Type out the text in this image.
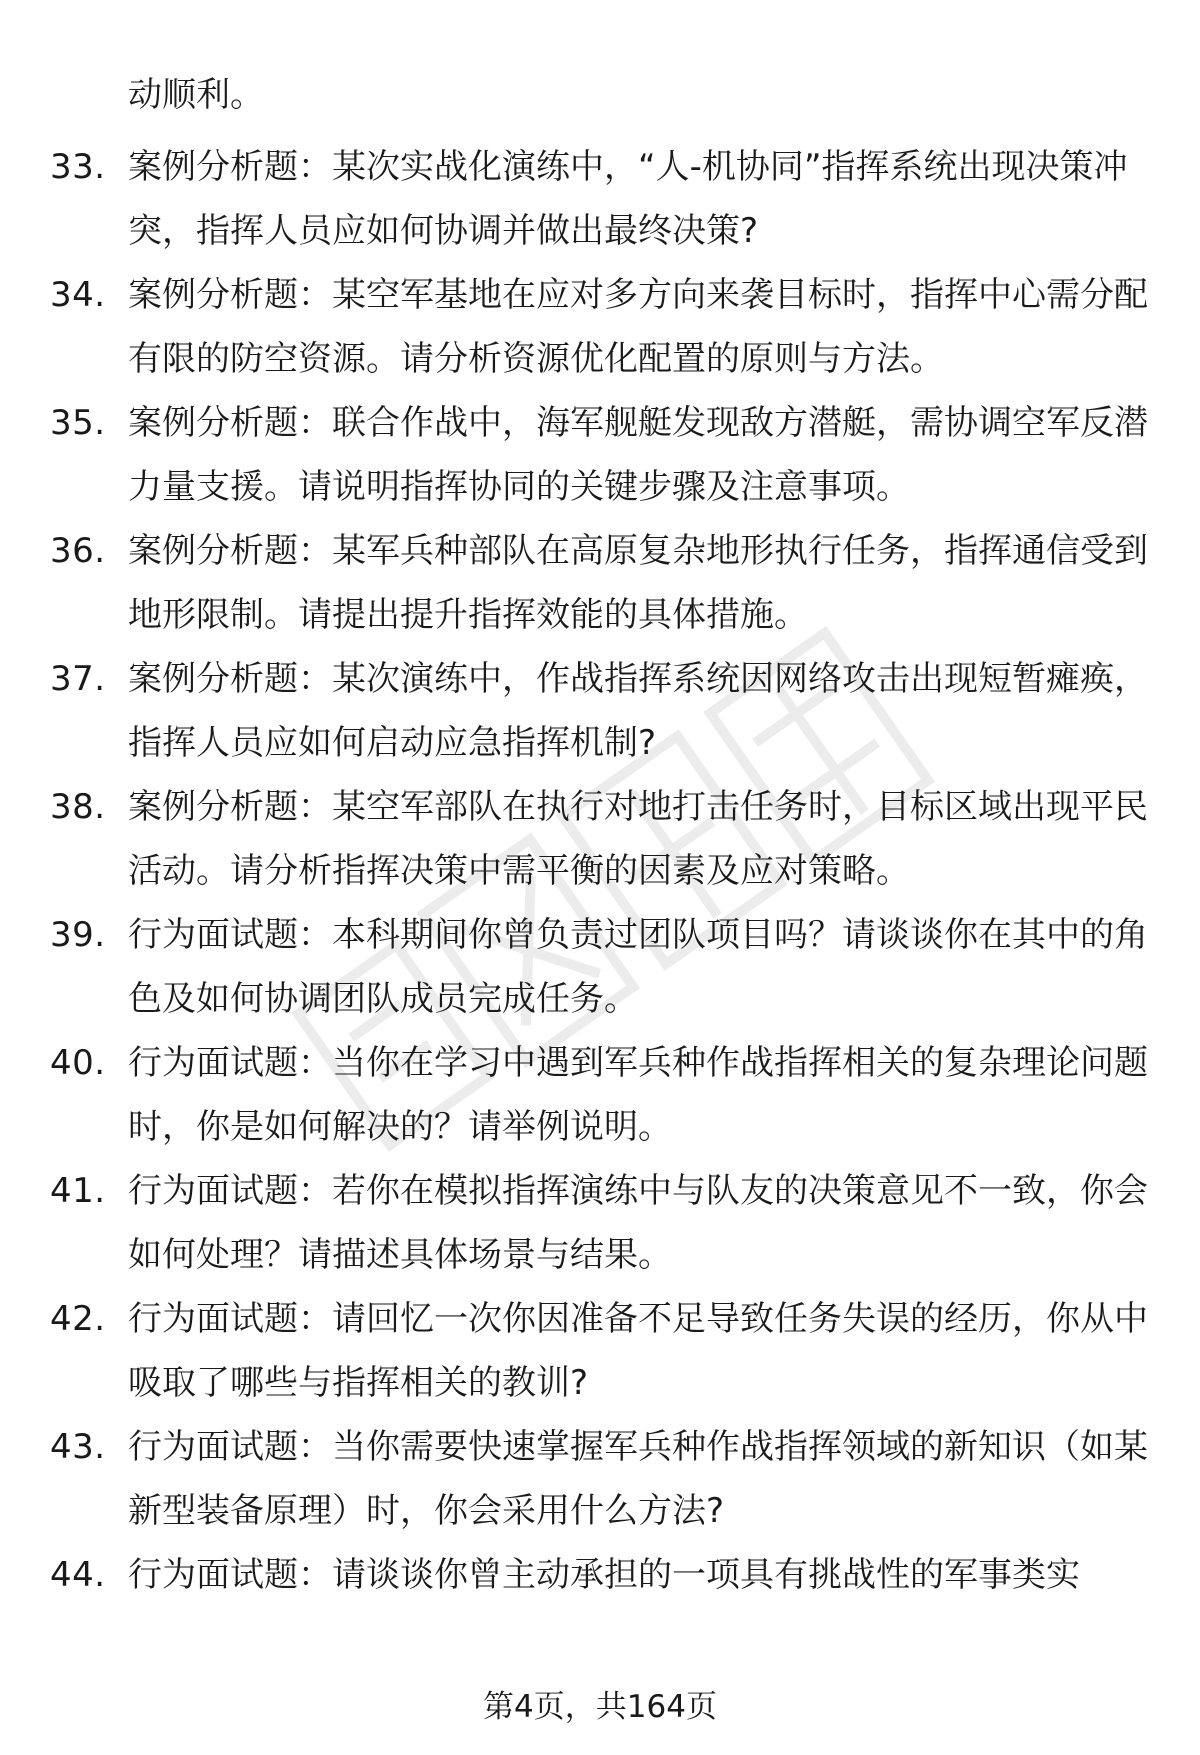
动顺利。
33. 案例分析题：某次实战化演练中，“人-机协同”指挥系统出现决策冲突，指挥人员应如何协调并做出最终决策?
34. 案例分析题：某空军基地在应对多方向来袭目标时，指挥中心需分配有限的防空资源。请分析资源优化配置的原则与方法。
35. 案例分析题：联合作战中，海军舰艇发现敌方潜艇，需协调空军反潜力量支援。请说明指挥协同的关键步骤及注意事项。
36. 案例分析题：某军兵种部队在高原复杂地形执行任务，指挥通信受到地形限制。请提出提升指挥效能的具体措施。
37. 案例分析题：某次演练中，作战指挥系统因网络攻击出现短暂瘫痪，指挥人员应如何启动应急指挥机制?
38. 案例分析题：某空军部队在执行对地打击任务时，目标区域出现平民活动。请分析指挥决策中需平衡的因素及应对策略。
39. 行为面试题：本科期间你曾负责过团队项目吗？请谈谈你在其中的角色及如何协调团队成员完成任务。
40. 行为面试题：当你在学习中遇到军兵种作战指挥相关的复杂理论问题时，你是如何解决的？请举例说明。
41. 行为面试题：若你在模拟指挥演练中与队友的决策意见不一致，你会如何处理？请描述具体场景与结果。
42. 行为面试题：请回忆一次你因准备不足导致任务失误的经历，你从中吸取了哪些与指挥相关的教训?
43. 行为面试题：当你需要快速掌握军兵种作战指挥领域的新知识（如某新型装备原理）时，你会采用什么方法?
44. 行为面试题：请谈谈你曾主动承担的一项具有挑战性的军事类实
第4页，共164页
